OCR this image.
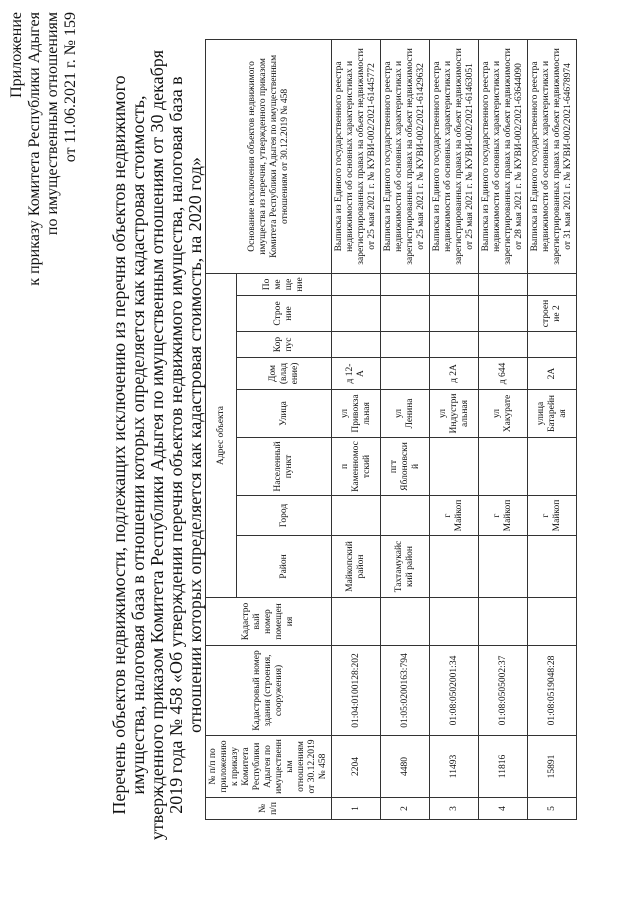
Приложение к приказу Комитета Республики Адыгея по имущественным отношениям от 11.06.2021 г. № 159 Перечень объектов недвижимости, подлежащих исключению из перечня объектов недвижимого имущества, налоговая база в отношении которых определяется как кадастровая стоимость, утвержденного приказом Комитета Республики Адыгея по имущественным отношениям от 30 декабря 2019 года № 458 «Об утверждении перечня объектов недвижимого имущества, налоговая база в отношении которых определяется как кадастровая стоимость, на 2020 год»
№ п/п	№ п/п по приложению к приказу Комитета Республики Адыгея по имущественным отношениям от 30.12.2019 № 458	Кадастровый номер здания (строения, сооружения)	Кадастровый номер помещения	Адрес объекта								Основание исключения объектов недвижимого имущества из перечня, утвержденного приказом Комитета Республики Адыгея по имущественным отношениям от 30.12.2019 № 458
				Район	Город	Населенный пункт	Улица	Дом (владение)	Корпус	Строение	Помещение	
1	2204	01:04:0100128:202		Майкопский район		п Каменномостский	ул Привокзальная	д 12-А				Выписка из Единого государственного реестра недвижимости об основных характеристиках и зарегистрированных правах на объект недвижимости от 25 мая 2021 г. № КУВИ-002/2021-61445772
2	4480	01:05:0200163:794		Тахтамукайский район		пгт Яблоновский	ул Ленина					Выписка из Единого государственного реестра недвижимости об основных характеристиках и зарегистрированных правах на объект недвижимости от 25 мая 2021 г. № КУВИ-002/2021-61429632
3	11493	01:08:0502001:34			г Майкоп		ул Индустриальная	д 2А				Выписка из Единого государственного реестра недвижимости об основных характеристиках и зарегистрированных правах на объект недвижимости от 25 мая 2021 г. № КУВИ-002/2021-61463051
4	11816	01:08:0505002:37			г Майкоп		ул Хакурате	д 644				Выписка из Единого государственного реестра недвижимости об основных характеристиках и зарегистрированных правах на объект недвижимости от 28 мая 2021 г. № КУВИ-002/2021-63644090
5	15891	01:08:0519048:28			г Майкоп		улица Батарейная	2А		строение 2		Выписка из Единого государственного реестра недвижимости об основных характеристиках и зарегистрированных правах на объект недвижимости от 31 мая 2021 г. № КУВИ-002/2021-64678974
